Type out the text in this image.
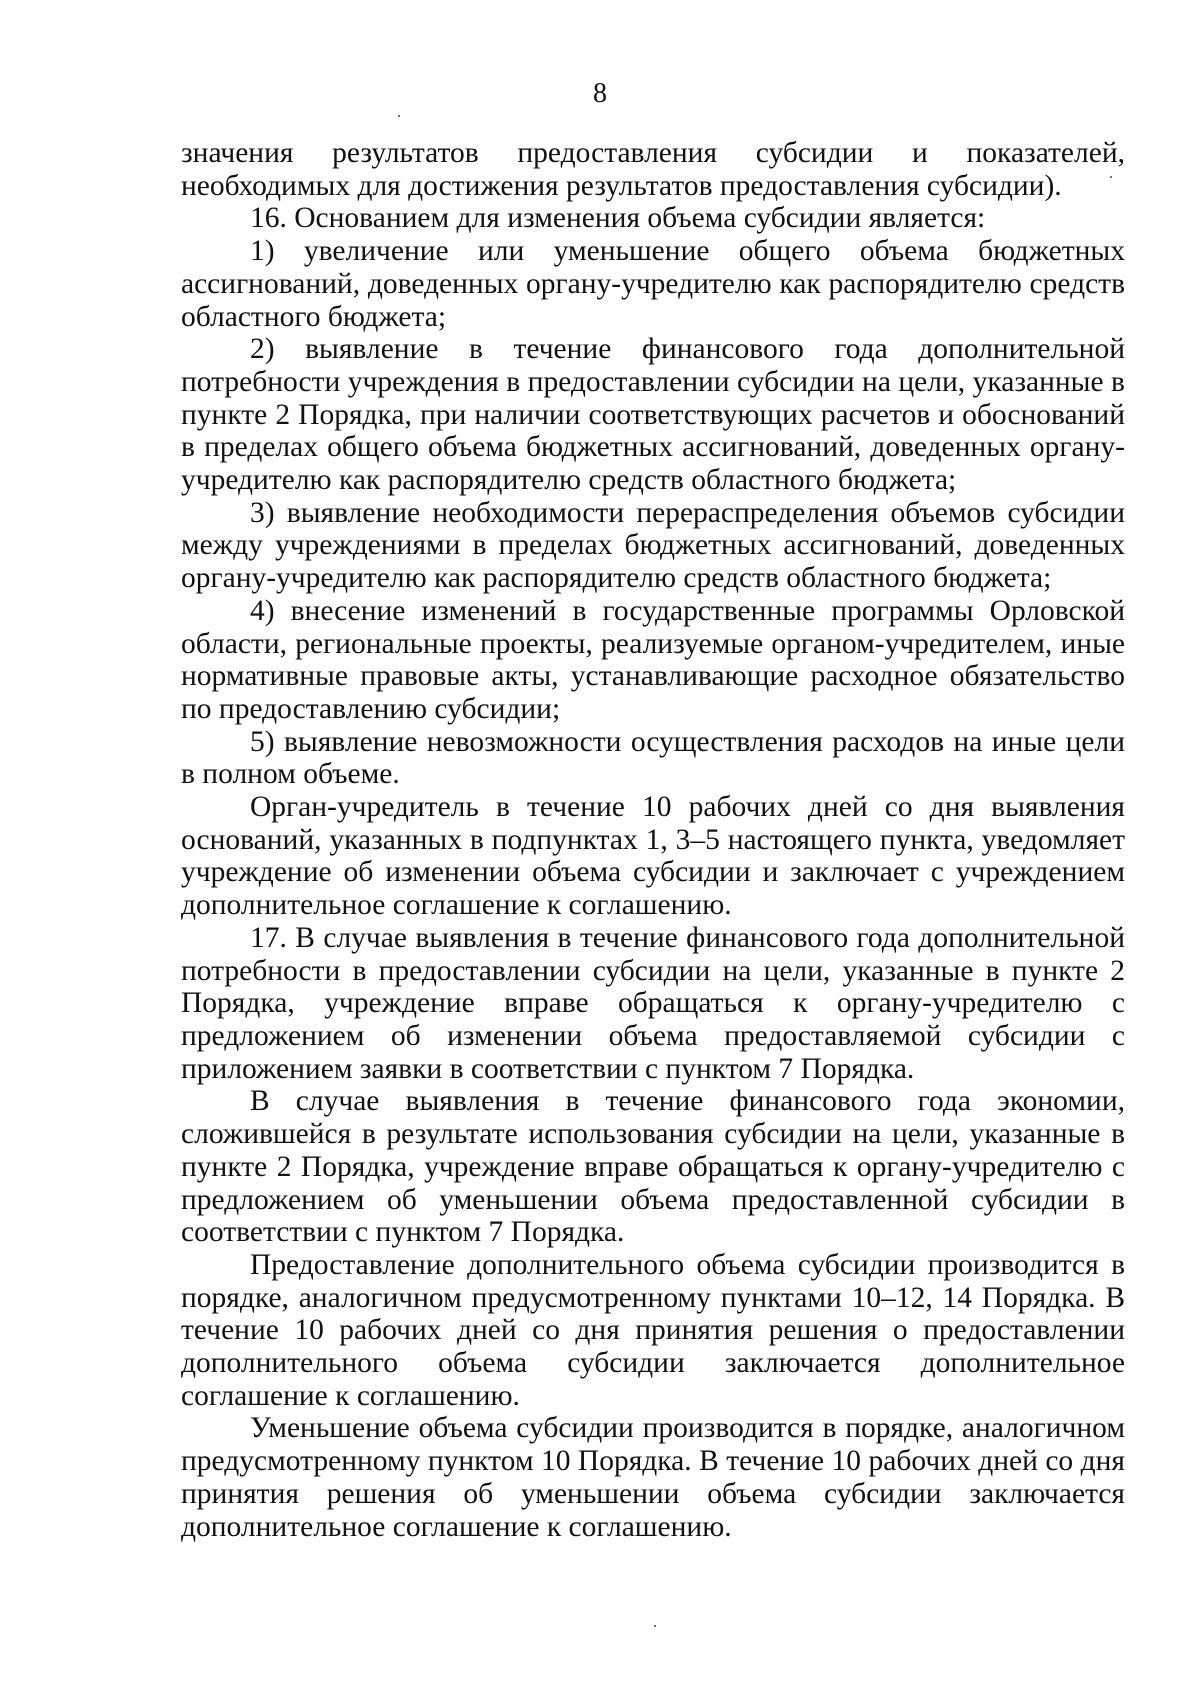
8

значения результатов предоставления субсидии и показателей, необходимых для достижения результатов предоставления субсидии).

16. Основанием для изменения объема субсидии является:

1) увеличение или уменьшение общего объема бюджетных ассигнований, доведенных органу-учредителю как распорядителю средств областного бюджета;

2) выявление в течение финансового года дополнительной потребности учреждения в предоставлении субсидии на цели, указанные в пункте 2 Порядка, при наличии соответствующих расчетов и обоснований в пределах общего объема бюджетных ассигнований, доведенных органу-учредителю как распорядителю средств областного бюджета;

3) выявление необходимости перераспределения объемов субсидии между учреждениями в пределах бюджетных ассигнований, доведенных органу-учредителю как распорядителю средств областного бюджета;

4) внесение изменений в государственные программы Орловской области, региональные проекты, реализуемые органом-учредителем, иные нормативные правовые акты, устанавливающие расходное обязательство по предоставлению субсидии;

5) выявление невозможности осуществления расходов на иные цели в полном объеме.

Орган-учредитель в течение 10 рабочих дней со дня выявления оснований, указанных в подпунктах 1, 3–5 настоящего пункта, уведомляет учреждение об изменении объема субсидии и заключает с учреждением дополнительное соглашение к соглашению.

17. В случае выявления в течение финансового года дополнительной потребности в предоставлении субсидии на цели, указанные в пункте 2 Порядка, учреждение вправе обращаться к органу-учредителю с предложением об изменении объема предоставляемой субсидии с приложением заявки в соответствии с пунктом 7 Порядка.

В случае выявления в течение финансового года экономии, сложившейся в результате использования субсидии на цели, указанные в пункте 2 Порядка, учреждение вправе обращаться к органу-учредителю с предложением об уменьшении объема предоставленной субсидии в соответствии с пунктом 7 Порядка.

Предоставление дополнительного объема субсидии производится в порядке, аналогичном предусмотренному пунктами 10–12, 14 Порядка. В течение 10 рабочих дней со дня принятия решения о предоставлении дополнительного объема субсидии заключается дополнительное соглашение к соглашению.

Уменьшение объема субсидии производится в порядке, аналогичном предусмотренному пунктом 10 Порядка. В течение 10 рабочих дней со дня принятия решения об уменьшении объема субсидии заключается дополнительное соглашение к соглашению.
